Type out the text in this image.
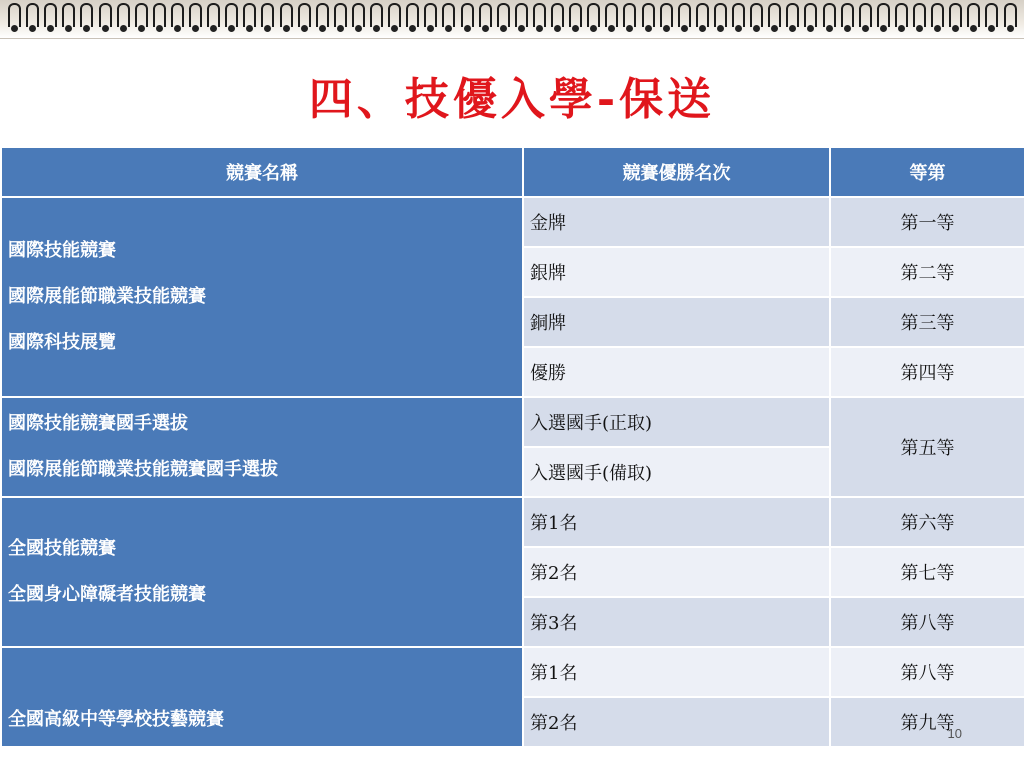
四、技優入學-保送
競賽名稱	競賽優勝名次	等第

國際技能競賽
國際展能節職業技能競賽
國際科技展覽	金牌	第一等
	銀牌	第二等
	銅牌	第三等
	優勝	第四等

國際技能競賽國手選拔
國際展能節職業技能競賽國手選拔	入選國手(正取)	第五等
	入選國手(備取)	

全國技能競賽
全國身心障礙者技能競賽	第1名	第六等
	第2名	第七等
	第3名	第八等

全國高級中等學校技藝競賽	第1名	第八等
	第2名	第九等
10
